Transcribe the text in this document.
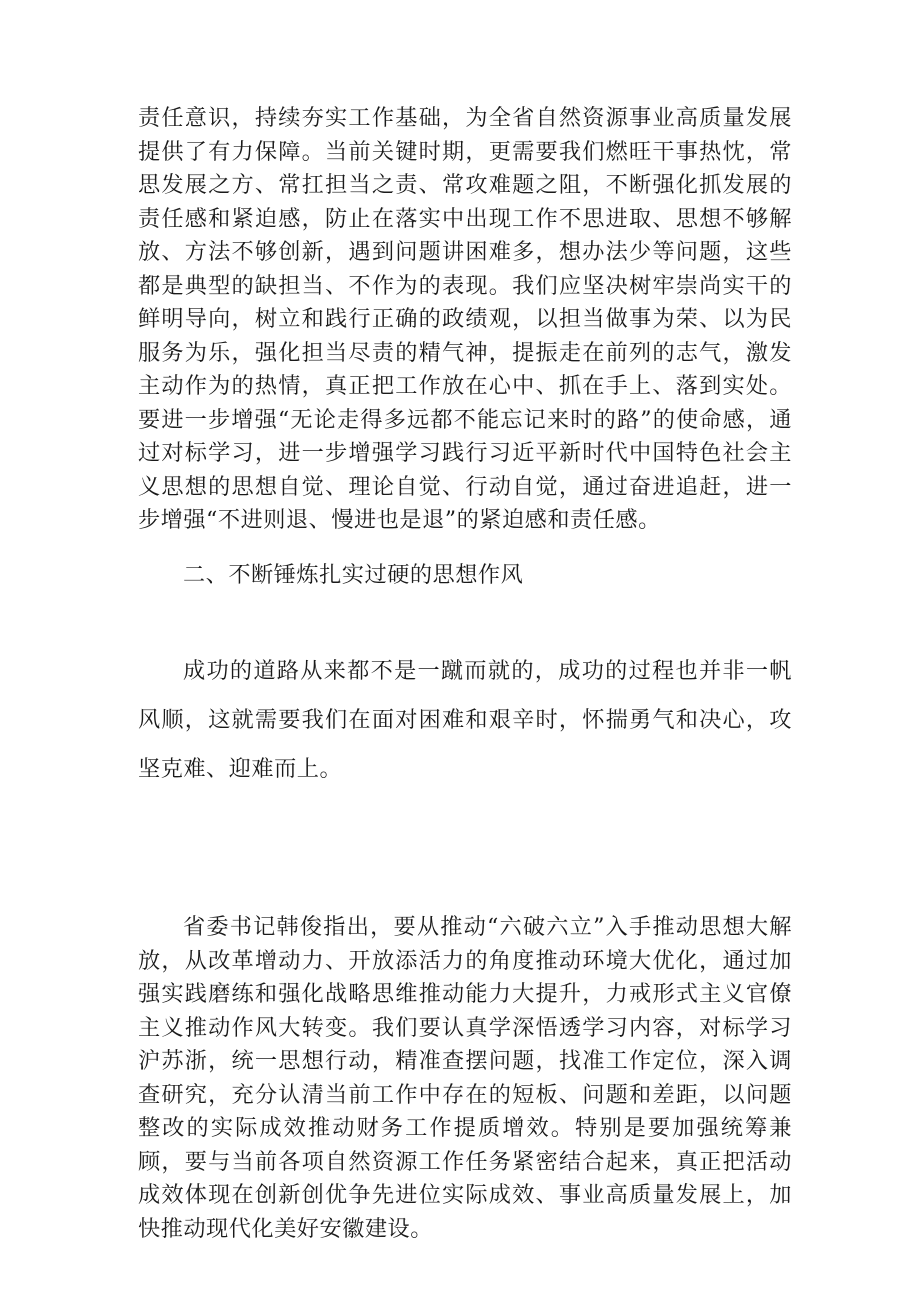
责任意识，持续夯实工作基础，为全省自然资源事业高质量发展提供了有力保障。当前关键时期，更需要我们燃旺干事热忱，常思发展之方、常扛担当之责、常攻难题之阻，不断强化抓发展的责任感和紧迫感，防止在落实中出现工作不思进取、思想不够解放、方法不够创新，遇到问题讲困难多，想办法少等问题，这些都是典型的缺担当、不作为的表现。我们应坚决树牢崇尚实干的鲜明导向，树立和践行正确的政绩观，以担当做事为荣、以为民服务为乐，强化担当尽责的精气神，提振走在前列的志气，激发主动作为的热情，真正把工作放在心中、抓在手上、落到实处。要进一步增强“无论走得多远都不能忘记来时的路”的使命感，通过对标学习，进一步增强学习践行习近平新时代中国特色社会主义思想的思想自觉、理论自觉、行动自觉，通过奋进追赶，进一步增强“不进则退、慢进也是退”的紧迫感和责任感。

二、不断锤炼扎实过硬的思想作风

成功的道路从来都不是一蹴而就的，成功的过程也并非一帆风顺，这就需要我们在面对困难和艰辛时，怀揣勇气和决心，攻坚克难、迎难而上。

省委书记韩俊指出，要从推动“六破六立”入手推动思想大解放，从改革增动力、开放添活力的角度推动环境大优化，通过加强实践磨练和强化战略思维推动能力大提升，力戒形式主义官僚主义推动作风大转变。我们要认真学深悟透学习内容，对标学习沪苏浙，统一思想行动，精准查摆问题，找准工作定位，深入调查研究，充分认清当前工作中存在的短板、问题和差距，以问题整改的实际成效推动财务工作提质增效。特别是要加强统筹兼顾，要与当前各项自然资源工作任务紧密结合起来，真正把活动成效体现在创新创优争先进位实际成效、事业高质量发展上，加快推动现代化美好安徽建设。
